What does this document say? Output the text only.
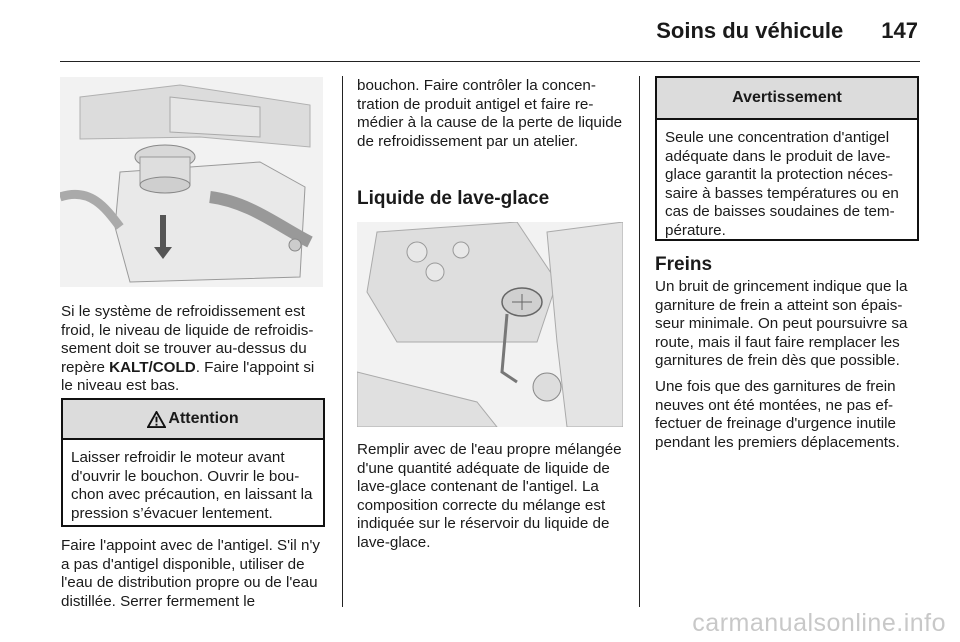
Soins du véhicule 147

Si le système de refroidissement est froid, le niveau de liquide de refroidissement doit se trouver au-dessus du repère KALT/COLD. Faire l'appoint si le niveau est bas.

Attention
Laisser refroidir le moteur avant d'ouvrir le bouchon. Ouvrir le bouchon avec précaution, en laissant la pression s’évacuer lentement.

Faire l'appoint avec de l'antigel. S'il n'y a pas d'antigel disponible, utiliser de l'eau de distribution propre ou de l'eau distillée. Serrer fermement le

bouchon. Faire contrôler la concentration de produit antigel et faire remédier à la cause de la perte de liquide de refroidissement par un atelier.

Liquide de lave-glace

Remplir avec de l'eau propre mélangée d'une quantité adéquate de liquide de lave-glace contenant de l'antigel. La composition correcte du mélange est indiquée sur le réservoir du liquide de lave-glace.

Avertissement
Seule une concentration d'antigel adéquate dans le produit de laveglace garantit la protection nécessaire à basses températures ou en cas de baisses soudaines de température.
Freins

Un bruit de grincement indique que la garniture de frein a atteint son épaisseur minimale. On peut poursuivre sa route, mais il faut faire remplacer les garnitures de frein dès que possible.

Une fois que des garnitures de frein neuves ont été montées, ne pas effectuer de freinage d'urgence inutile pendant les premiers déplacements.

carmanualsonline.info
